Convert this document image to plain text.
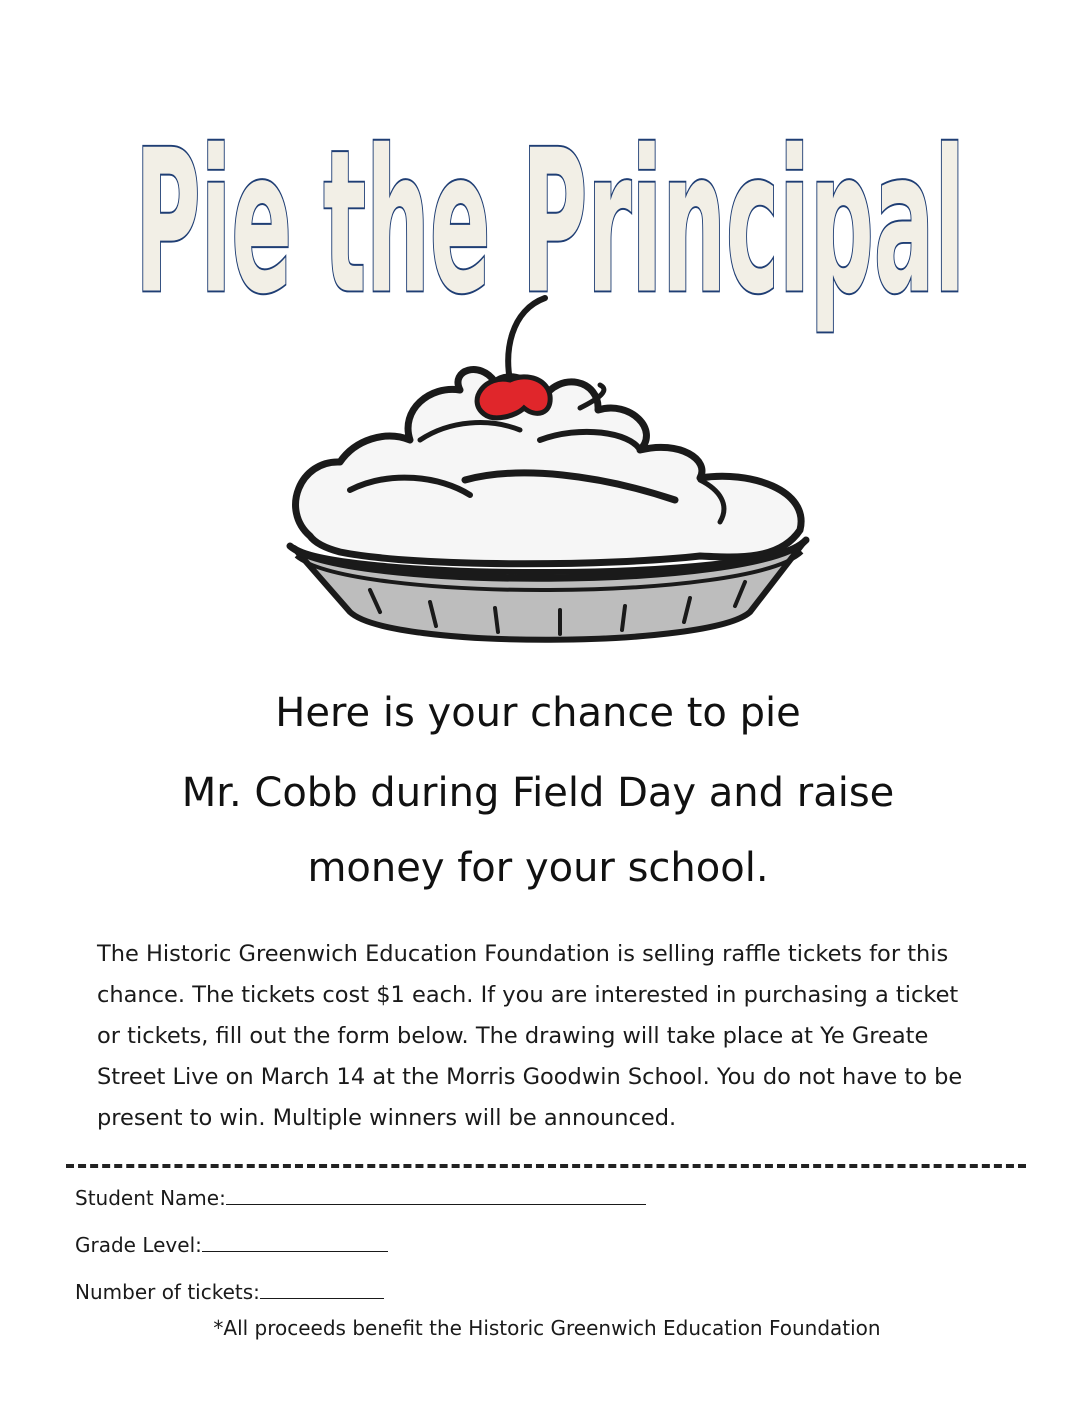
Pie the Principal
Here is your chance to pie
Mr. Cobb during Field Day and raise
money for your school.
The Historic Greenwich Education Foundation is selling raffle tickets for this
chance. The tickets cost $1 each. If you are interested in purchasing a ticket
or tickets, fill out the form below. The drawing will take place at Ye Greate
Street Live on March 14 at the Morris Goodwin School. You do not have to be
present to win. Multiple winners will be announced.
Student Name:
Grade Level:
Number of tickets:
*All proceeds benefit the Historic Greenwich Education Foundation
